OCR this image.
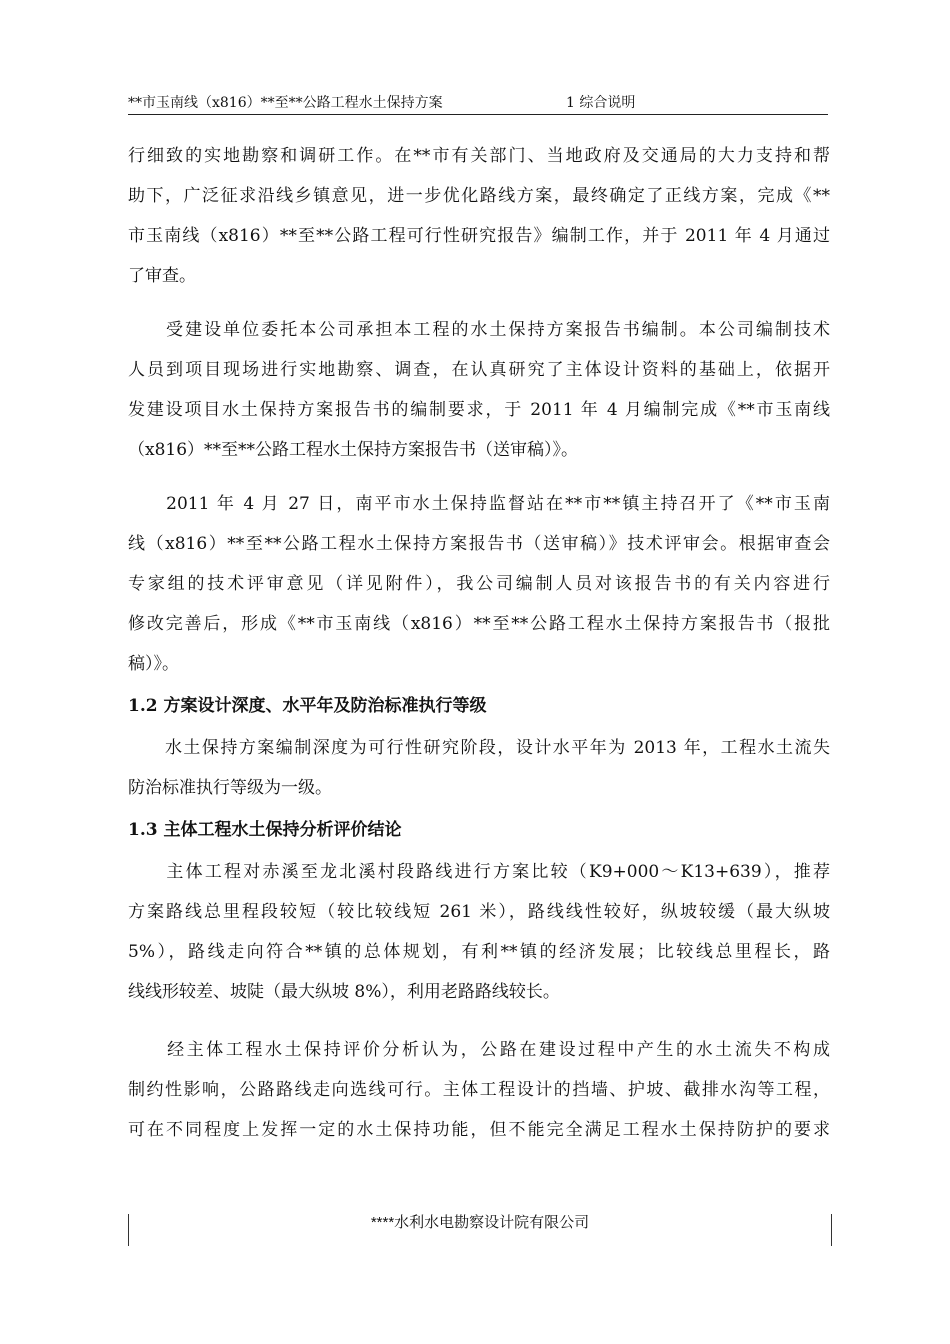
**市玉南线（x816）**至**公路工程水土保持方案	1 综合说明
行细致的实地勘察和调研工作。在**市有关部门、当地政府及交通局的大力支持和帮
助下，广泛征求沿线乡镇意见，进一步优化路线方案，最终确定了正线方案，完成《**
市玉南线（x816）**至**公路工程可行性研究报告》编制工作，并于 2011 年 4 月通过
了审查。
　　受建设单位委托本公司承担本工程的水土保持方案报告书编制。本公司编制技术
人员到项目现场进行实地勘察、调查，在认真研究了主体设计资料的基础上，依据开
发建设项目水土保持方案报告书的编制要求，于 2011 年 4 月编制完成《**市玉南线
（x816）**至**公路工程水土保持方案报告书（送审稿）》。
　　2011 年 4 月 27 日，南平市水土保持监督站在**市**镇主持召开了《**市玉南
线（x816）**至**公路工程水土保持方案报告书（送审稿）》技术评审会。根据审查会
专家组的技术评审意见（详见附件），我公司编制人员对该报告书的有关内容进行
修改完善后，形成《**市玉南线（x816）**至**公路工程水土保持方案报告书（报批
稿）》。
1.2 方案设计深度、水平年及防治标准执行等级
　　水土保持方案编制深度为可行性研究阶段，设计水平年为 2013 年，工程水土流失
防治标准执行等级为一级。
1.3 主体工程水土保持分析评价结论
　　主体工程对赤溪至龙北溪村段路线进行方案比较（K9+000～K13+639），推荐
方案路线总里程段较短（较比较线短 261 米），路线线性较好，纵坡较缓（最大纵坡
5%），路线走向符合**镇的总体规划，有利**镇的经济发展；比较线总里程长，路
线线形较差、坡陡（最大纵坡 8%），利用老路路线较长。
　　经主体工程水土保持评价分析认为，公路在建设过程中产生的水土流失不构成
制约性影响，公路路线走向选线可行。主体工程设计的挡墙、护坡、截排水沟等工程，
可在不同程度上发挥一定的水土保持功能，但不能完全满足工程水土保持防护的要求
****水利水电勘察设计院有限公司
